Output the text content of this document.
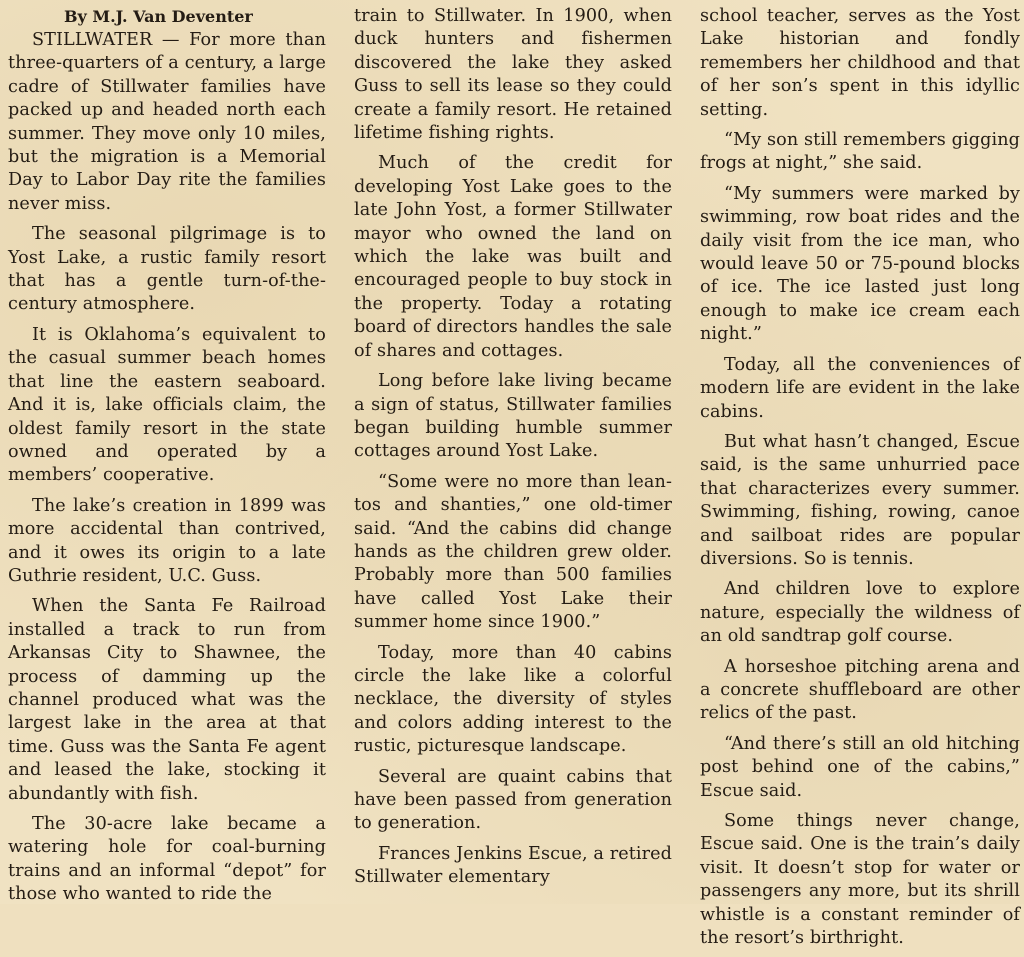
By M.J. Van Deventer

STILLWATER — For more than three-quarters of a century, a large cadre of Stillwater families have packed up and headed north each summer. They move only 10 miles, but the migration is a Memorial Day to Labor Day rite the families never miss.

The seasonal pilgrimage is to Yost Lake, a rustic family resort that has a gentle turn-of-the-century atmosphere.

It is Oklahoma’s equivalent to the casual summer beach homes that line the eastern seaboard. And it is, lake officials claim, the oldest family resort in the state owned and operated by a members’ cooperative.

The lake’s creation in 1899 was more accidental than contrived, and it owes its origin to a late Guthrie resident, U.C. Guss.

When the Santa Fe Railroad installed a track to run from Arkansas City to Shawnee, the process of damming up the channel produced what was the largest lake in the area at that time. Guss was the Santa Fe agent and leased the lake, stocking it abundantly with fish.

The 30-acre lake became a watering hole for coal-burning trains and an informal “depot” for those who wanted to ride the

train to Stillwater. In 1900, when duck hunters and fishermen discovered the lake they asked Guss to sell its lease so they could create a family resort. He retained lifetime fishing rights.

Much of the credit for developing Yost Lake goes to the late John Yost, a former Stillwater mayor who owned the land on which the lake was built and encouraged people to buy stock in the property. Today a rotating board of directors handles the sale of shares and cottages.

Long before lake living became a sign of status, Stillwater families began building humble summer cottages around Yost Lake.

“Some were no more than lean-tos and shanties,” one old-timer said. “And the cabins did change hands as the children grew older. Probably more than 500 families have called Yost Lake their summer home since 1900.”

Today, more than 40 cabins circle the lake like a colorful necklace, the diversity of styles and colors adding interest to the rustic, picturesque landscape.

Several are quaint cabins that have been passed from generation to generation.

Frances Jenkins Escue, a retired Stillwater elementary

school teacher, serves as the Yost Lake historian and fondly remembers her childhood and that of her son’s spent in this idyllic setting.

“My son still remembers gigging frogs at night,” she said.

“My summers were marked by swimming, row boat rides and the daily visit from the ice man, who would leave 50 or 75-pound blocks of ice. The ice lasted just long enough to make ice cream each night.”

Today, all the conveniences of modern life are evident in the lake cabins.

But what hasn’t changed, Escue said, is the same unhurried pace that characterizes every summer. Swimming, fishing, rowing, canoe and sailboat rides are popular diversions. So is tennis.

And children love to explore nature, especially the wildness of an old sandtrap golf course.

A horseshoe pitching arena and a concrete shuffleboard are other relics of the past.

“And there’s still an old hitching post behind one of the cabins,” Escue said.

Some things never change, Escue said. One is the train’s daily visit. It doesn’t stop for water or passengers any more, but its shrill whistle is a constant reminder of the resort’s birthright.
